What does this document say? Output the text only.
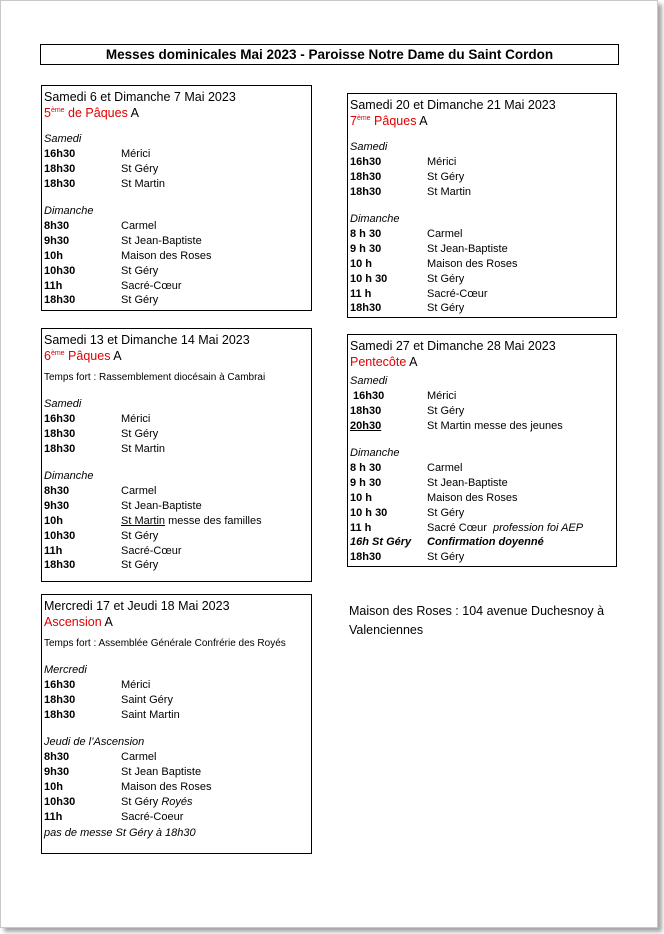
Messes dominicales Mai 2023 - Paroisse Notre Dame du Saint Cordon
Samedi 6 et Dimanche 7 Mai 2023
5ème de Pâques A
Samedi
16h30	Mérici
18h30	St Géry
18h30	St Martin
Dimanche
8h30	Carmel
9h30	St Jean-Baptiste
10h	Maison des Roses
10h30	St Géry
11h	Sacré-Cœur
18h30	St Géry
Samedi 13 et Dimanche 14 Mai 2023
6ème Pâques A
Temps fort : Rassemblement diocésain à Cambrai
Samedi
16h30	Mérici
18h30	St Géry
18h30	St Martin
Dimanche
8h30	Carmel
9h30	St Jean-Baptiste
10h	St Martin messe des familles
10h30	St Géry
11h	Sacré-Cœur
18h30	St Géry
Mercredi 17 et Jeudi 18 Mai 2023
Ascension A
Temps fort : Assemblée Générale Confrérie des Royés
Mercredi
16h30	Mérici
18h30	Saint Géry
18h30	Saint Martin
Jeudi de l’Ascension
8h30	Carmel
9h30	St Jean Baptiste
10h	Maison des Roses
10h30	St Géry Royés
11h	Sacré-Coeur
pas de messe St Géry à 18h30
Samedi 20 et Dimanche 21 Mai 2023
7ème Pâques A
Samedi
16h30	Mérici
18h30	St Géry
18h30	St Martin
Dimanche
8 h 30	Carmel
9 h 30	St Jean-Baptiste
10 h	Maison des Roses
10 h 30	St Géry
11 h	Sacré-Cœur
18h30	St Géry
Samedi 27 et Dimanche 28 Mai 2023
Pentecôte A
Samedi
16h30	Mérici
18h30	St Géry
20h30	St Martin messe des jeunes
Dimanche
8 h 30	Carmel
9 h 30	St Jean-Baptiste
10 h	Maison des Roses
10 h 30	St Géry
11 h	Sacré Cœur  profession foi AEP
16h St Géry	Confirmation doyenné
18h30	St Géry
Maison des Roses : 104 avenue Duchesnoy à Valenciennes
